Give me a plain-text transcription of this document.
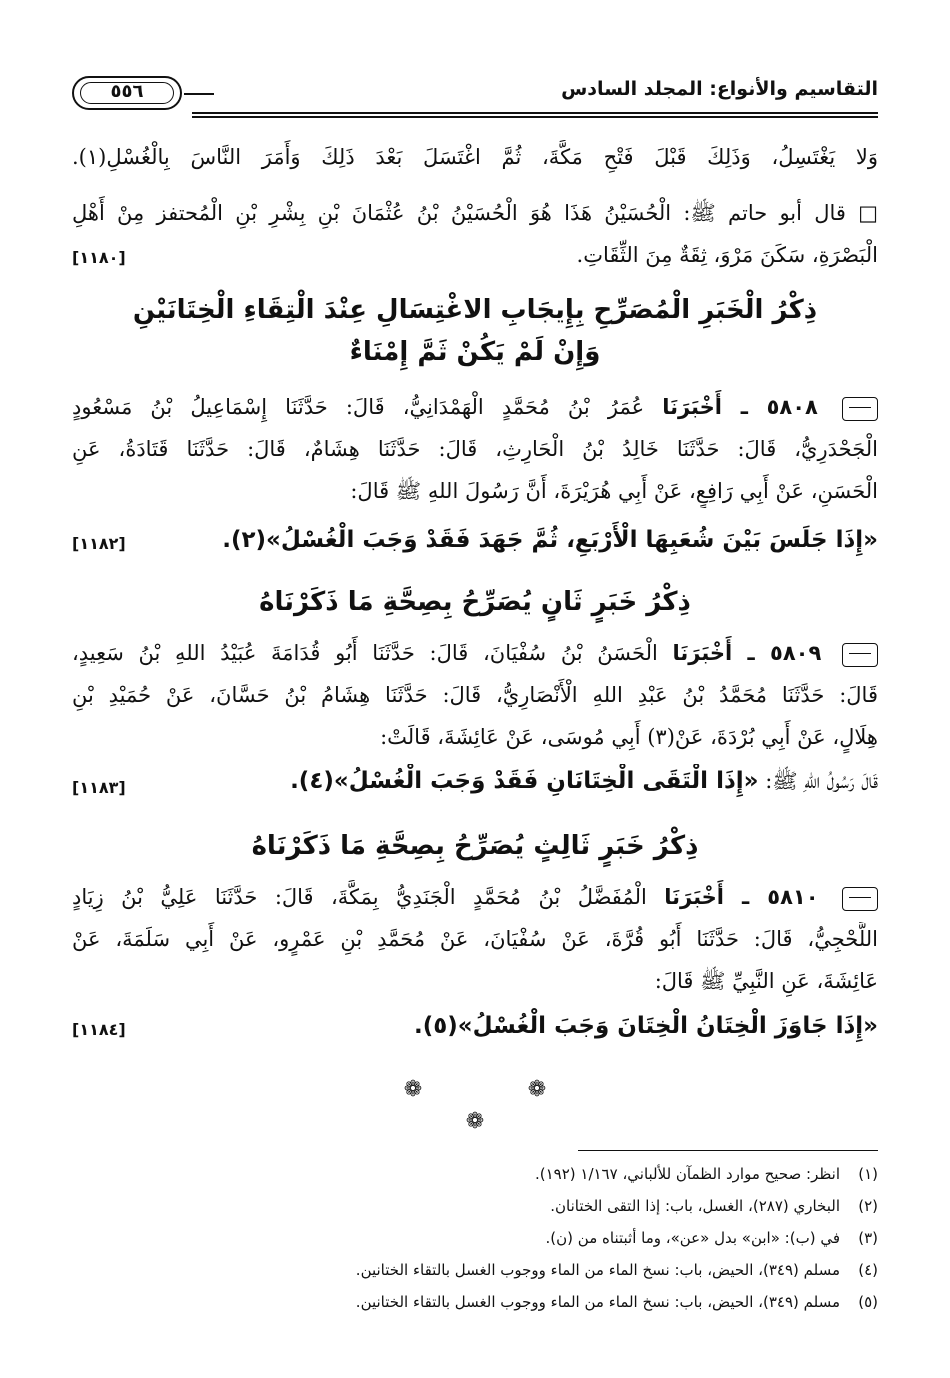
التقاسيم والأنواع: المجلد السادس
٥٥٦
وَلا يَغْتَسِلُ، وَذَلِكَ قَبْلَ فَتْحِ مَكَّةَ، ثُمَّ اغْتَسَلَ بَعْدَ ذَلِكَ وَأَمَرَ النَّاسَ بِالْغُسْلِ(١).
□ قال أبو حاتم ﷺ: الْحُسَيْنُ هَذَا هُوَ الْحُسَيْنُ بْنُ عُثْمَانَ بْنِ بِشْرِ بْنِ الْمُحتفز مِنْ أَهْلِ
الْبَصْرَةِ، سَكَنَ مَرْوَ، ثِقَةٌ مِنَ الثِّقَاتِ.
[١١٨٠]
ذِكْرُ الْخَبَرِ الْمُصَرِّحِ بِإِيجَابِ الاغْتِسَالِ عِنْدَ الْتِقَاءِ الْخِتَانَيْنِ
وَإِنْ لَمْ يَكُنْ ثَمَّ إِمْنَاءٌ
٥٨٠٨ ـ أَخْبَرَنَا عُمَرُ بْنُ مُحَمَّدٍ الْهَمْدَانِيُّ، قَالَ: حَدَّثَنَا إِسْمَاعِيلُ بْنُ مَسْعُودٍ
الْجَحْدَرِيُّ، قَالَ: حَدَّثَنَا خَالِدُ بْنُ الْحَارِثِ، قَالَ: حَدَّثَنَا هِشَامٌ، قَالَ: حَدَّثَنَا قَتَادَةُ، عَنِ
الْحَسَنِ، عَنْ أَبِي رَافِعٍ، عَنْ أَبِي هُرَيْرَةَ، أَنَّ رَسُولَ اللهِ ﷺ قَالَ:
«إِذَا جَلَسَ بَيْنَ شُعَبِهَا الْأَرْبَعِ، ثُمَّ جَهَدَ فَقَدْ وَجَبَ الْغُسْلُ»(٢).
[١١٨٢]
ذِكْرُ خَبَرٍ ثَانٍ يُصَرِّحُ بِصِحَّةِ مَا ذَكَرْنَاهُ
٥٨٠٩ ـ أَخْبَرَنَا الْحَسَنُ بْنُ سُفْيَانَ، قَالَ: حَدَّثَنَا أَبُو قُدَامَةَ عُبَيْدُ اللهِ بْنُ سَعِيدٍ،
قَالَ: حَدَّثَنَا مُحَمَّدُ بْنُ عَبْدِ اللهِ الْأَنْصَارِيُّ، قَالَ: حَدَّثَنَا هِشَامُ بْنُ حَسَّانَ، عَنْ حُمَيْدِ بْنِ
هِلَالٍ، عَنْ أَبِي بُرْدَةَ، عَنْ(٣) أَبِي مُوسَى، عَنْ عَائِشَةَ، قَالَتْ:
قَالَ رَسُولُ اللهِ ﷺ: «إِذَا الْتَقَى الْخِتَانَانِ فَقَدْ وَجَبَ الْغُسْلُ»(٤).
[١١٨٣]
ذِكْرُ خَبَرٍ ثَالِثٍ يُصَرِّحُ بِصِحَّةِ مَا ذَكَرْنَاهُ
٥٨١٠ ـ أَخْبَرَنَا الْمُفَضَّلُ بْنُ مُحَمَّدٍ الْجَنَدِيُّ بِمَكَّةَ، قَالَ: حَدَّثَنَا عَلِيُّ بْنُ زِيَادٍ
اللَّحْجِيُّ، قَالَ: حَدَّثَنَا أَبُو قُرَّةَ، عَنْ سُفْيَانَ، عَنْ مُحَمَّدِ بْنِ عَمْرٍو، عَنْ أَبِي سَلَمَةَ، عَنْ
عَائِشَةَ، عَنِ النَّبِيِّ ﷺ قَالَ:
«إِذَا جَاوَزَ الْخِتَانُ الْخِتَانَ وَجَبَ الْغُسْلُ»(٥).
[١١٨٤]
❁	❁
❁
(١)انظر: صحيح موارد الظمآن للألباني، ١/١٦٧ (١٩٢).
(٢)البخاري (٢٨٧)، الغسل، باب: إذا التقى الختانان.
(٣)في (ب): «ابن» بدل «عن»، وما أثبتناه من (ن).
(٤)مسلم (٣٤٩)، الحيض، باب: نسخ الماء من الماء ووجوب الغسل بالتقاء الختانين.
(٥)مسلم (٣٤٩)، الحيض، باب: نسخ الماء من الماء ووجوب الغسل بالتقاء الختانين.
